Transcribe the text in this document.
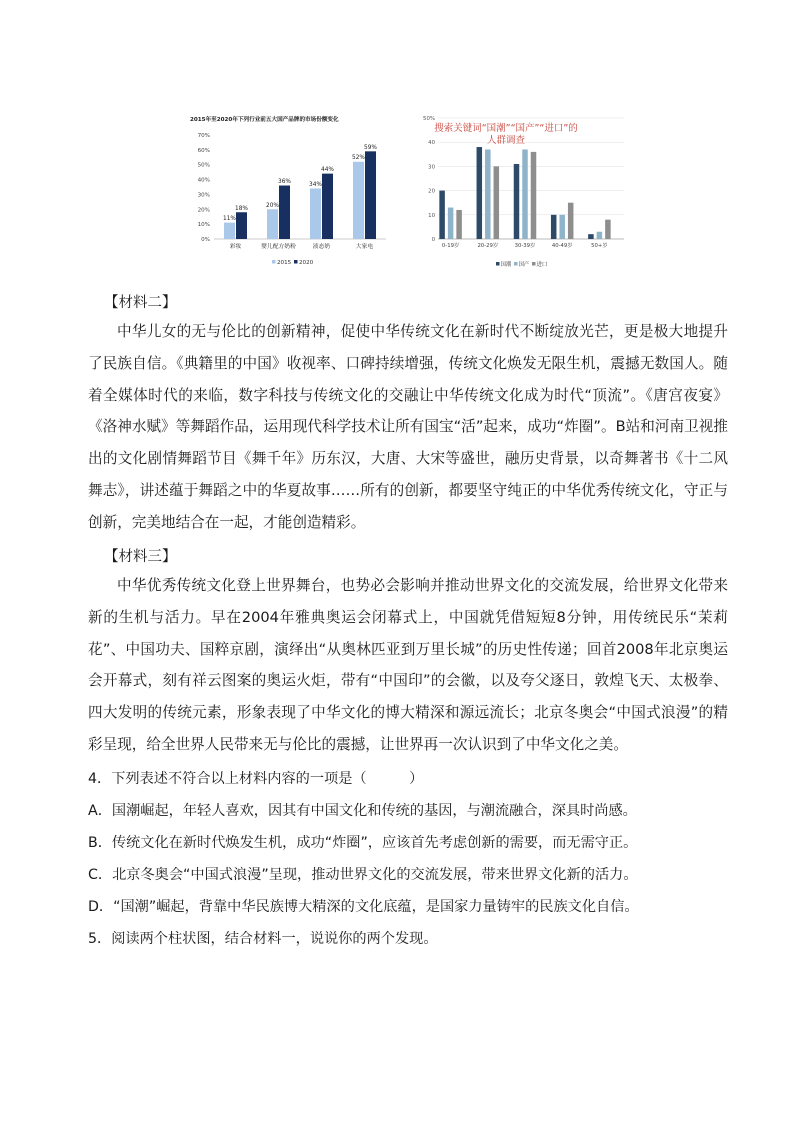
2015年至2020年下列行业前五大国产品牌的市场份额变化
0%
10%
20%
30%
40%
50%
60%
70%
彩妆
11%
18%
婴儿配方奶粉
20%
36%
液态奶
34%
44%
大家电
52%
59%
2015 2020
0
10
20
30
40
50%
0-19岁	20-29岁	30-39岁	40-49岁	50+岁
搜索关键词“国潮”“国产”“进口”的
人群调查
国潮 国产 进口
【材料二】
中华儿女的无与伦比的创新精神，促使中华传统文化在新时代不断绽放光芒，更是极大地提升了民族自信。《典籍里的中国》收视率、口碑持续增强，传统文化焕发无限生机，震撼无数国人。随着全媒体时代的来临，数字科技与传统文化的交融让中华传统文化成为时代“顶流”。《唐宫夜宴》《洛神水赋》等舞蹈作品，运用现代科学技术让所有国宝“活”起来，成功“炸圈”。B站和河南卫视推出的文化剧情舞蹈节目《舞千年》历东汉，大唐、大宋等盛世，融历史背景，以奇舞著书《十二风舞志》，讲述蕴于舞蹈之中的华夏故事……所有的创新，都要坚守纯正的中华优秀传统文化，守正与创新，完美地结合在一起，才能创造精彩。
【材料三】
中华优秀传统文化登上世界舞台，也势必会影响并推动世界文化的交流发展，给世界文化带来新的生机与活力。早在2004年雅典奥运会闭幕式上，中国就凭借短短8分钟，用传统民乐“茉莉花”、中国功夫、国粹京剧，演绎出“从奥林匹亚到万里长城”的历史性传递；回首2008年北京奥运会开幕式，刻有祥云图案的奥运火炬，带有“中国印”的会徽，以及夸父逐日，敦煌飞天、太极拳、四大发明的传统元素，形象表现了中华文化的博大精深和源远流长；北京冬奥会“中国式浪漫”的精彩呈现，给全世界人民带来无与伦比的震撼，让世界再一次认识到了中华文化之美。
4．下列表述不符合以上材料内容的一项是（　　　）
A．国潮崛起，年轻人喜欢，因其有中国文化和传统的基因，与潮流融合，深具时尚感。
B．传统文化在新时代焕发生机，成功“炸圈”，应该首先考虑创新的需要，而无需守正。
C．北京冬奥会“中国式浪漫”呈现，推动世界文化的交流发展，带来世界文化新的活力。
D．“国潮”崛起，背靠中华民族博大精深的文化底蕴，是国家力量铸牢的民族文化自信。
5．阅读两个柱状图，结合材料一，说说你的两个发现。
